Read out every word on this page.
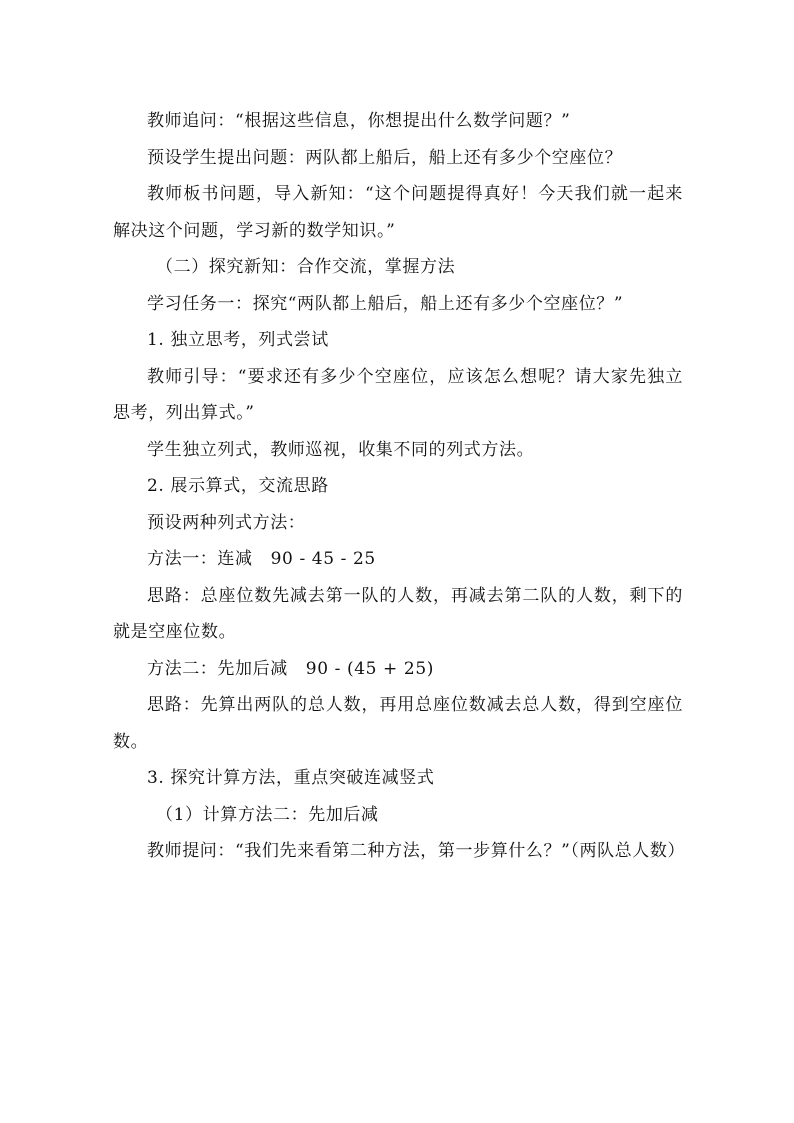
教师追问：“根据这些信息，你想提出什么数学问题？”

预设学生提出问题：两队都上船后，船上还有多少个空座位？

教师板书问题，导入新知：“这个问题提得真好！今天我们就一起来解决这个问题，学习新的数学知识。”

（二）探究新知：合作交流，掌握方法

学习任务一：探究“两队都上船后，船上还有多少个空座位？”

1. 独立思考，列式尝试

教师引导：“要求还有多少个空座位，应该怎么想呢？请大家先独立思考，列出算式。”

学生独立列式，教师巡视，收集不同的列式方法。

2. 展示算式，交流思路

预设两种列式方法：

方法一：连减   90 - 45 - 25

思路：总座位数先减去第一队的人数，再减去第二队的人数，剩下的就是空座位数。

方法二：先加后减   90 - (45 + 25)

思路：先算出两队的总人数，再用总座位数减去总人数，得到空座位数。

3. 探究计算方法，重点突破连减竖式

（1）计算方法二：先加后减

教师提问：“我们先来看第二种方法，第一步算什么？”（两队总人数）
